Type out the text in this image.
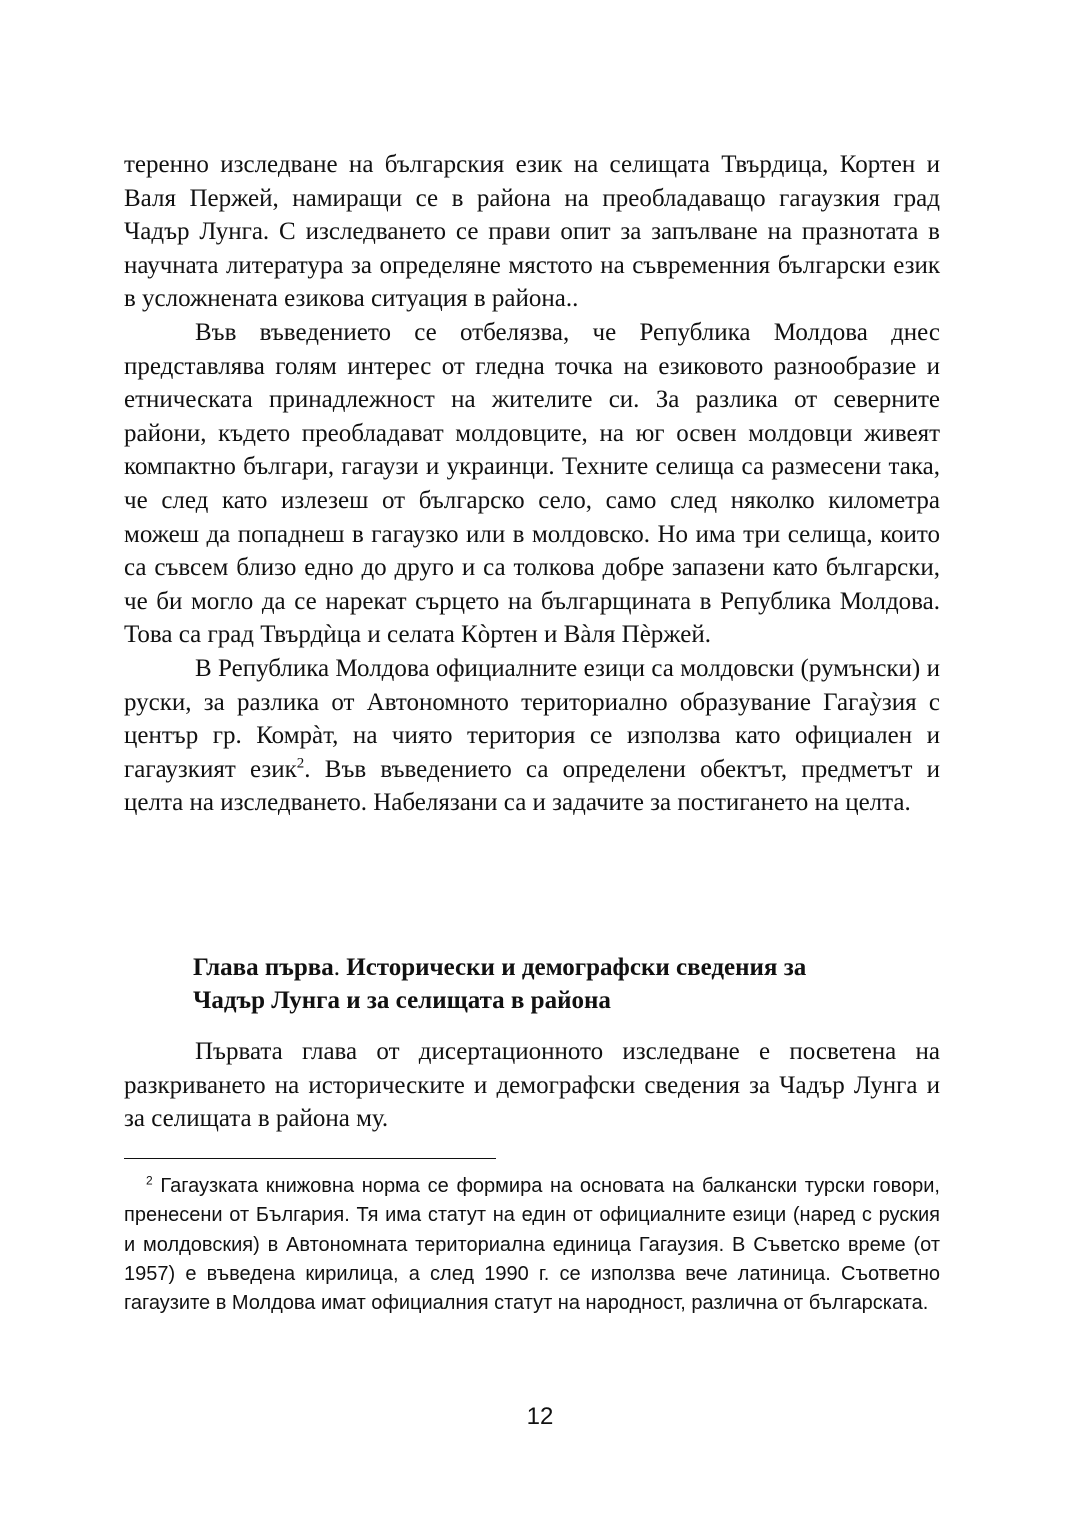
теренно изследване на българския език на селищата Твърдица, Кортен и Валя Пержей, намиращи се в района на преобладаващо гагаузкия град Чадър Лунга. С изследването се прави опит за запълване на празнотата в научната литература за определяне мястото на съвременния български език в усложнената езикова ситуация в района..

Във въведението се отбелязва, че Република Молдова днес представлява голям интерес от гледна точка на езиковото разнообразие и етническата принадлежност на жителите си. За разлика от северните райони, където преобладават молдовците, на юг освен молдовци живеят компактно българи, гагаузи и украинци. Техните селища са размесени така, че след като излезеш от българско село, само след няколко километра можеш да попаднеш в гагаузко или в молдовско. Но има три селища, които са съвсем близо едно до друго и са толкова добре запазени като български, че би могло да се нарекат сърцето на българщината в Република Молдова. Това са град Твърдѝца и селата Кòртен и Вàля Пèржей.

В Република Молдова официалните езици са молдовски (румънски) и руски, за разлика от Автономното териториално образувание Гагаỳзия с център гр. Комрàт, на чиято територия се използва като официален и гагаузкият език$^2$. Във въведението са определени обектът, предметът и целта на изследването. Набелязани са и задачите за постигането на целта.

Глава първа. Исторически и демографски сведения за
Чадър Лунга и за селищата в района

Първата глава от дисертационното изследване е посветена на разкриването на историческите и демографски сведения за Чадър Лунга и за селищата в района му.

$^2$ Гагаузката книжовна норма се формира на основата на балкански турски говори, пренесени от България. Тя има статут на един от официалните езици (наред с руския и молдовския) в Автономната териториална единица Гагаузия. В Съветско време (от 1957) е въведена кирилица, а след 1990 г. се използва вече латиница. Съответно гагаузите в Молдова имат официалния статут на народност, различна от българската.

12
